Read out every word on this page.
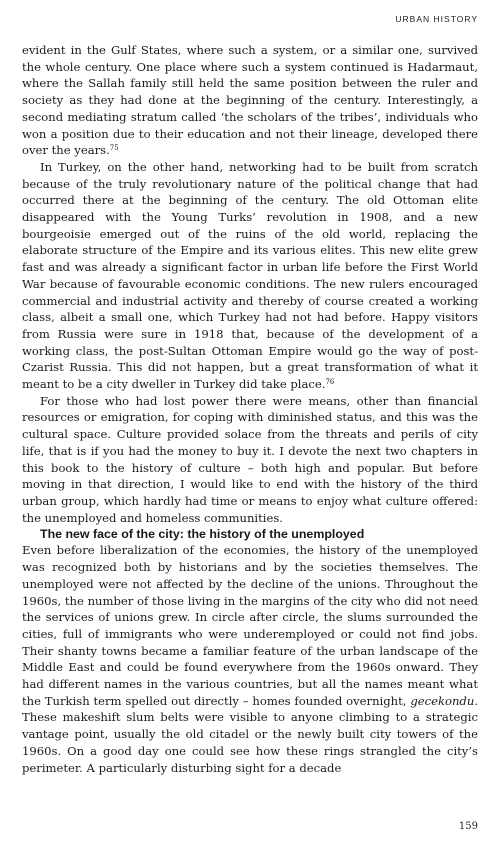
URBAN HISTORY

evident in the Gulf States, where such a system, or a similar one, survived the whole century. One place where such a system continued is Hadarmaut, where the Sallah family still held the same position between the ruler and society as they had done at the beginning of the century. Interestingly, a second mediating stratum called ‘the scholars of the tribes’, individuals who won a position due to their education and not their lineage, developed there over the years.$^{75}$

In Turkey, on the other hand, networking had to be built from scratch because of the truly revolutionary nature of the political change that had occurred there at the beginning of the century. The old Ottoman elite disappeared with the Young Turks’ revolution in 1908, and a new bourgeoisie emerged out of the ruins of the old world, replacing the elaborate structure of the Empire and its various elites. This new elite grew fast and was already a significant factor in urban life before the First World War because of favourable economic conditions. The new rulers encouraged commercial and industrial activity and thereby of course created a working class, albeit a small one, which Turkey had not had before. Happy visitors from Russia were sure in 1918 that, because of the development of a working class, the post-Sultan Ottoman Empire would go the way of post-Czarist Russia. This did not happen, but a great transformation of what it meant to be a city dweller in Turkey did take place.$^{76}$

For those who had lost power there were means, other than financial resources or emigration, for coping with diminished status, and this was the cultural space. Culture provided solace from the threats and perils of city life, that is if you had the money to buy it. I devote the next two chapters in this book to the history of culture – both high and popular. But before moving in that direction, I would like to end with the history of the third urban group, which hardly had time or means to enjoy what culture offered: the unemployed and homeless communities.

The new face of the city: the history of the unemployed

Even before liberalization of the economies, the history of the unemployed was recognized both by historians and by the societies themselves. The unemployed were not affected by the decline of the unions. Throughout the 1960s, the number of those living in the margins of the city who did not need the services of unions grew. In circle after circle, the slums surrounded the cities, full of immigrants who were underemployed or could not find jobs. Their shanty towns became a familiar feature of the urban landscape of the Middle East and could be found everywhere from the 1960s onward. They had different names in the various countries, but all the names meant what the Turkish term spelled out directly – homes founded overnight, gecekondu. These makeshift slum belts were visible to anyone climbing to a strategic vantage point, usually the old citadel or the newly built city towers of the 1960s. On a good day one could see how these rings strangled the city’s perimeter. A particularly disturbing sight for a decade

159
